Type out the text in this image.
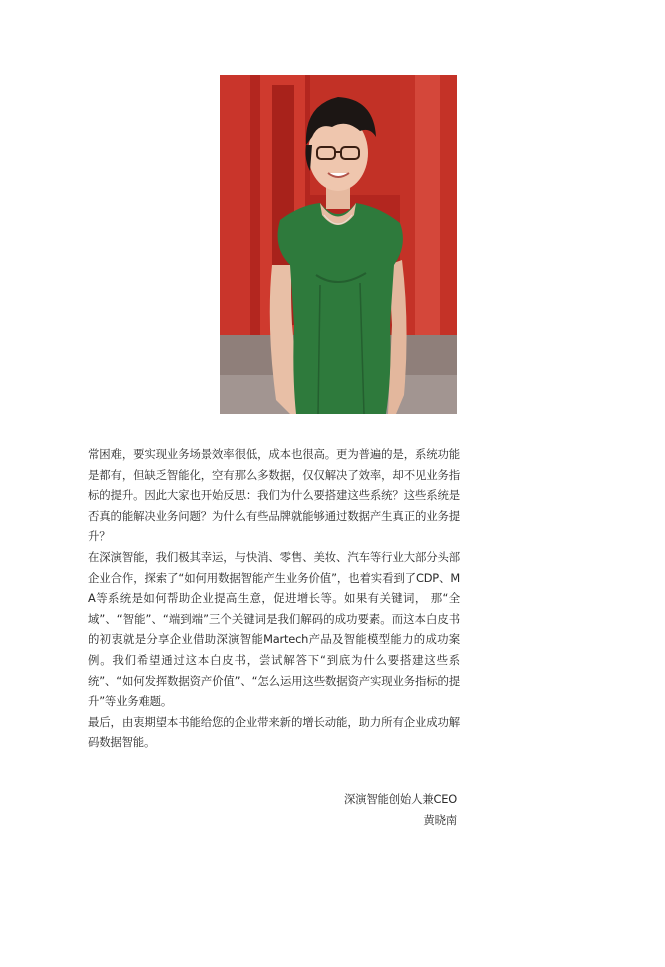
常困难，要实现业务场景效率很低，成本也很高。更为普遍的是，系统功能是都有，但缺乏智能化，空有那么多数据，仅仅解决了效率，却不见业务指标的提升。因此大家也开始反思：我们为什么要搭建这些系统？这些系统是否真的能解决业务问题？为什么有些品牌就能够通过数据产生真正的业务提升？

在深演智能，我们极其幸运，与快消、零售、美妆、汽车等行业大部分头部企业合作，探索了“如何用数据智能产生业务价值”，也着实看到了CDP、MA等系统是如何帮助企业提高生意，促进增长等。如果有关键词， 那“全域”、“智能”、“端到端”三个关键词是我们解码的成功要素。而这本白皮书的初衷就是分享企业借助深演智能Martech产品及智能模型能力的成功案例。我们希望通过这本白皮书，尝试解答下“到底为什么要搭建这些系统”、“如何发挥数据资产价值”、“怎么运用这些数据资产实现业务指标的提升”等业务难题。

最后，由衷期望本书能给您的企业带来新的增长动能，助力所有企业成功解码数据智能。

深演智能创始人兼CEO
黄晓南
